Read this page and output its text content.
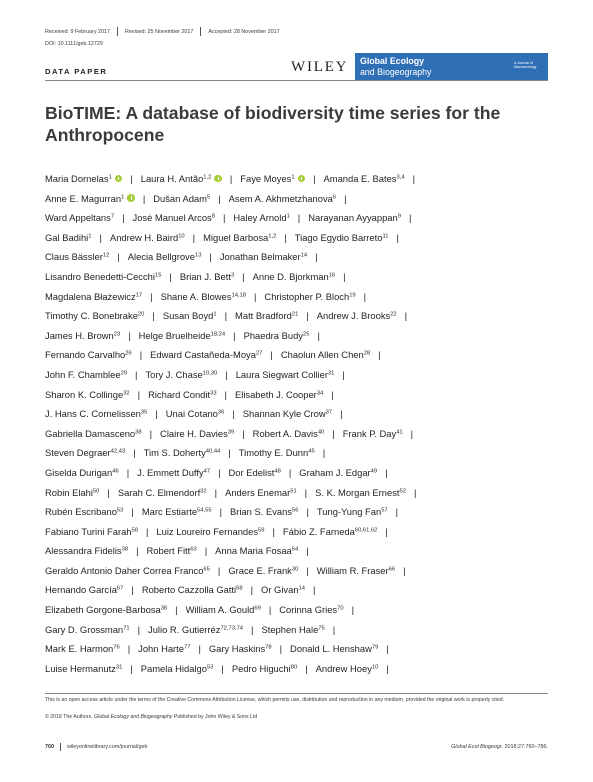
Received: 9 February 2017	Revised: 25 November 2017	Accepted: 28 November 2017
DOI: 10.1111/geb.12729
DATA PAPER	WILEY Global Ecology
and Biogeography
A Journal of Macroecology
BioTIME: A database of biodiversity time series for the Anthropocene
Maria Dornelas$^1$ | Laura H. Antão$^{1,2}$ | Faye Moyes$^1$ | Amanda E. Bates$^{3,4}$ |
Anne E. Magurran$^1$ | Dušan Adam$^5$ | Asem A. Akhmetzhanova$^6$ |
Ward Appeltans$^7$ | José Manuel Arcos$^8$ | Haley Arnold$^1$ | Narayanan Ayyappan$^9$ |
Gal Badihi$^1$ | Andrew H. Baird$^{10}$ | Miguel Barbosa$^{1,2}$ | Tiago Egydio Barreto$^{11}$ |
Claus Bässler$^{12}$ | Alecia Bellgrove$^{13}$ | Jonathan Belmaker$^{14}$ |
Lisandro Benedetti-Cecchi$^{15}$ | Brian J. Bett$^3$ | Anne D. Bjorkman$^{16}$ |
Magdalena Błażewicz$^{17}$ | Shane A. Blowes$^{14,18}$ | Christopher P. Bloch$^{19}$ |
Timothy C. Bonebrake$^{20}$ | Susan Boyd$^1$ | Matt Bradford$^{21}$ | Andrew J. Brooks$^{22}$ |
James H. Brown$^{23}$ | Helge Bruelheide$^{18,24}$ | Phaedra Budy$^{25}$ |
Fernando Carvalho$^{26}$ | Edward Castañeda-Moya$^{27}$ | Chaolun Allen Chen$^{28}$ |
John F. Chamblee$^{29}$ | Tory J. Chase$^{10,30}$ | Laura Siegwart Collier$^{31}$ |
Sharon K. Collinge$^{32}$ | Richard Condit$^{33}$ | Elisabeth J. Cooper$^{34}$ |
J. Hans C. Cornelissen$^{35}$ | Unai Cotano$^{36}$ | Shannan Kyle Crow$^{37}$ |
Gabriella Damasceno$^{38}$ | Claire H. Davies$^{39}$ | Robert A. Davis$^{40}$ | Frank P. Day$^{41}$ |
Steven Degraer$^{42,43}$ | Tim S. Doherty$^{40,44}$ | Timothy E. Dunn$^{45}$ |
Giselda Durigan$^{46}$ | J. Emmett Duffy$^{47}$ | Dor Edelist$^{48}$ | Graham J. Edgar$^{49}$ |
Robin Elahi$^{50}$ | Sarah C. Elmendorf$^{32}$ | Anders Enemar$^{51}$ | S. K. Morgan Ernest$^{52}$ |
Rubén Escribano$^{53}$ | Marc Estiarte$^{54,55}$ | Brian S. Evans$^{56}$ | Tung-Yung Fan$^{57}$ |
Fabiano Turini Farah$^{58}$ | Luiz Loureiro Fernandes$^{59}$ | Fábio Z. Farneda$^{60,61,62}$ |
Alessandra Fidelis$^{38}$ | Robert Fitt$^{63}$ | Anna Maria Fosaa$^{64}$ |
Geraldo Antonio Daher Correa Franco$^{65}$ | Grace E. Frank$^{30}$ | William R. Fraser$^{66}$ |
Hernando García$^{67}$ | Roberto Cazzolla Gatti$^{68}$ | Or Givan$^{14}$ |
Elizabeth Gorgone-Barbosa$^{38}$ | William A. Gould$^{69}$ | Corinna Gries$^{70}$ |
Gary D. Grossman$^{71}$ | Julio R. Gutierréz$^{72,73,74}$ | Stephen Hale$^{75}$ |
Mark E. Harmon$^{76}$ | John Harte$^{77}$ | Gary Haskins$^{78}$ | Donald L. Henshaw$^{79}$ |
Luise Hermanutz$^{31}$ | Pamela Hidalgo$^{53}$ | Pedro Higuchi$^{80}$ | Andrew Hoey$^{10}$ |
This is an open access article under the terms of the Creative Commons Attribution License, which permits use, distribution and reproduction in any medium, provided the original work is properly cited.
© 2018 The Authors. Global Ecology and Biogeography Published by John Wiley & Sons Ltd
760 wileyonlinelibrary.com/journal/geb	Global Ecol Biogeogr. 2018;27:760–786.
